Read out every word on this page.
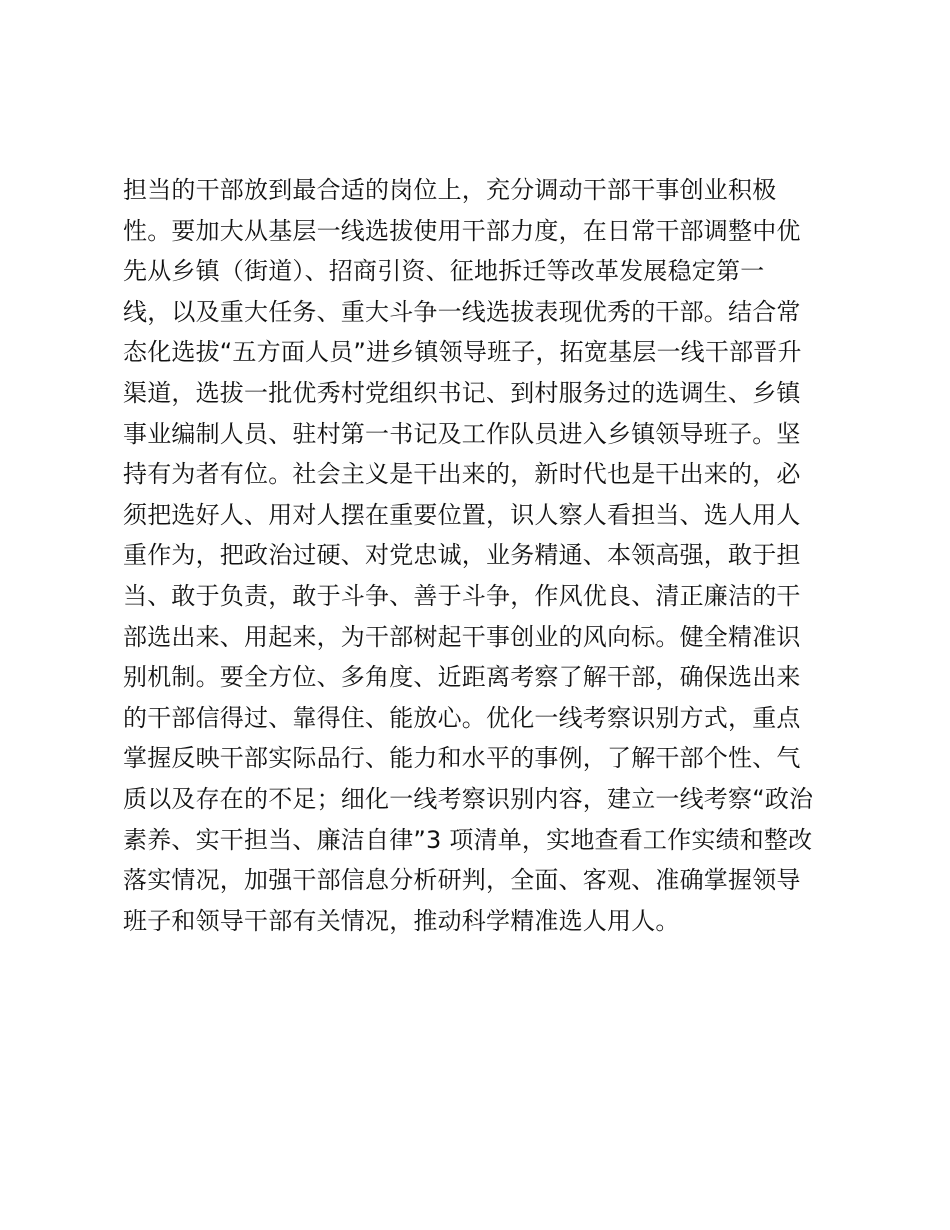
担当的干部放到最合适的岗位上，充分调动干部干事创业积极
性。要加大从基层一线选拔使用干部力度，在日常干部调整中优
先从乡镇（街道）、招商引资、征地拆迁等改革发展稳定第一
线，以及重大任务、重大斗争一线选拔表现优秀的干部。结合常
态化选拔“五方面人员”进乡镇领导班子，拓宽基层一线干部晋升
渠道，选拔一批优秀村党组织书记、到村服务过的选调生、乡镇
事业编制人员、驻村第一书记及工作队员进入乡镇领导班子。坚
持有为者有位。社会主义是干出来的，新时代也是干出来的，必
须把选好人、用对人摆在重要位置，识人察人看担当、选人用人
重作为，把政治过硬、对党忠诚，业务精通、本领高强，敢于担
当、敢于负责，敢于斗争、善于斗争，作风优良、清正廉洁的干
部选出来、用起来，为干部树起干事创业的风向标。健全精准识
别机制。要全方位、多角度、近距离考察了解干部，确保选出来
的干部信得过、靠得住、能放心。优化一线考察识别方式，重点
掌握反映干部实际品行、能力和水平的事例，了解干部个性、气
质以及存在的不足；细化一线考察识别内容，建立一线考察“政治
素养、实干担当、廉洁自律”3 项清单，实地查看工作实绩和整改
落实情况，加强干部信息分析研判，全面、客观、准确掌握领导
班子和领导干部有关情况，推动科学精准选人用人。
